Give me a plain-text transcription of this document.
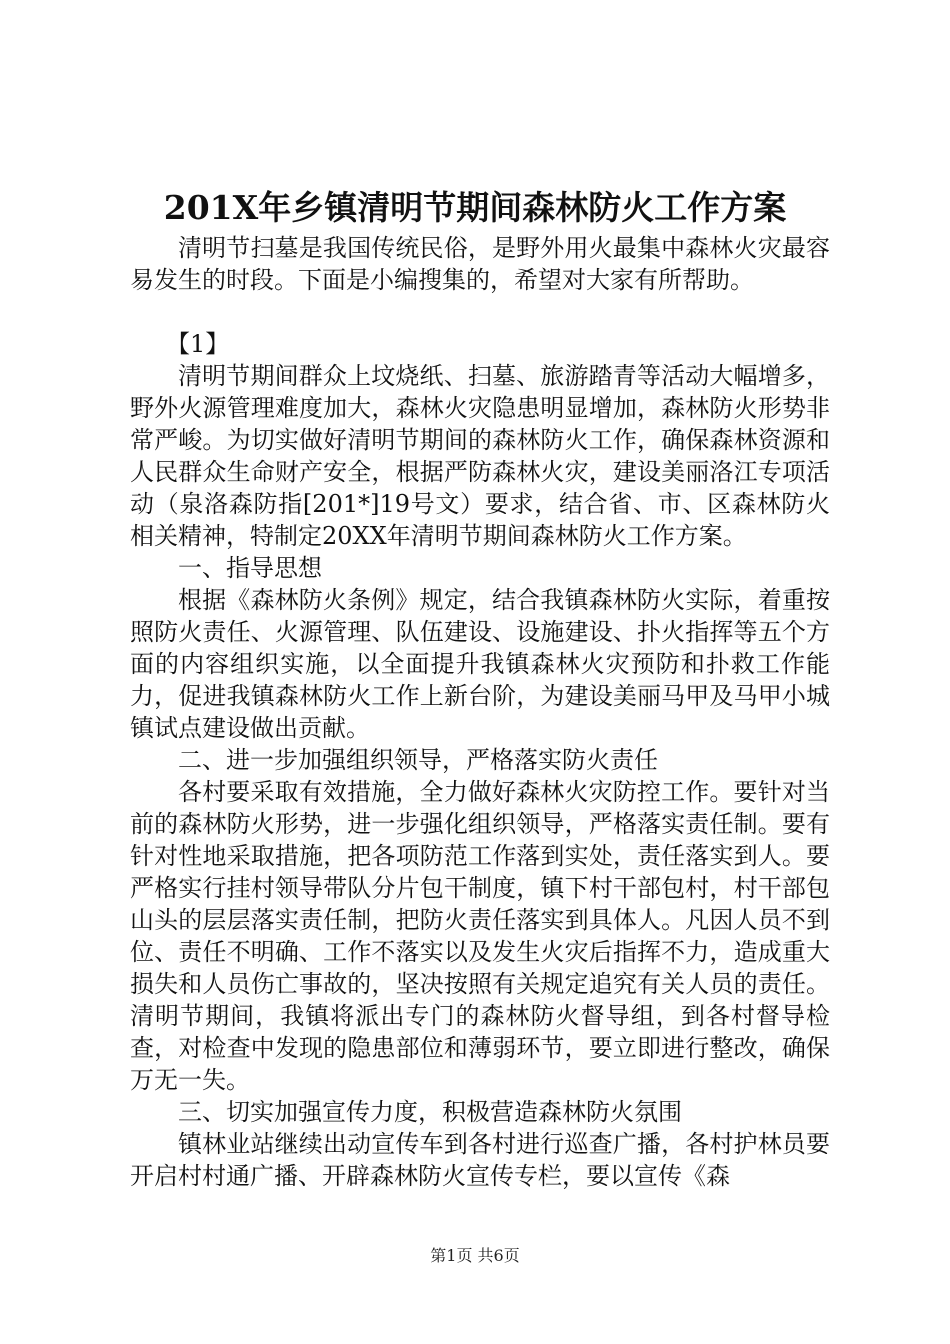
201X年乡镇清明节期间森林防火工作方案

清明节扫墓是我国传统民俗，是野外用火最集中森林火灾最容易发生的时段。下面是小编搜集的，希望对大家有所帮助。

【1】

清明节期间群众上坟烧纸、扫墓、旅游踏青等活动大幅增多，野外火源管理难度加大，森林火灾隐患明显增加，森林防火形势非常严峻。为切实做好清明节期间的森林防火工作，确保森林资源和人民群众生命财产安全，根据严防森林火灾，建设美丽洛江专项活动（泉洛森防指[201*]19号文）要求，结合省、市、区森林防火相关精神，特制定20XX年清明节期间森林防火工作方案。

一、指导思想

根据《森林防火条例》规定，结合我镇森林防火实际，着重按照防火责任、火源管理、队伍建设、设施建设、扑火指挥等五个方面的内容组织实施，以全面提升我镇森林火灾预防和扑救工作能力，促进我镇森林防火工作上新台阶，为建设美丽马甲及马甲小城镇试点建设做出贡献。

二、进一步加强组织领导，严格落实防火责任

各村要采取有效措施，全力做好森林火灾防控工作。要针对当前的森林防火形势，进一步强化组织领导，严格落实责任制。要有针对性地采取措施，把各项防范工作落到实处，责任落实到人。要严格实行挂村领导带队分片包干制度，镇下村干部包村，村干部包山头的层层落实责任制，把防火责任落实到具体人。凡因人员不到位、责任不明确、工作不落实以及发生火灾后指挥不力，造成重大损失和人员伤亡事故的，坚决按照有关规定追究有关人员的责任。清明节期间，我镇将派出专门的森林防火督导组，到各村督导检查，对检查中发现的隐患部位和薄弱环节，要立即进行整改，确保万无一失。

三、切实加强宣传力度，积极营造森林防火氛围

镇林业站继续出动宣传车到各村进行巡查广播，各村护林员要开启村村通广播、开辟森林防火宣传专栏，要以宣传《森

第1页 共6页
